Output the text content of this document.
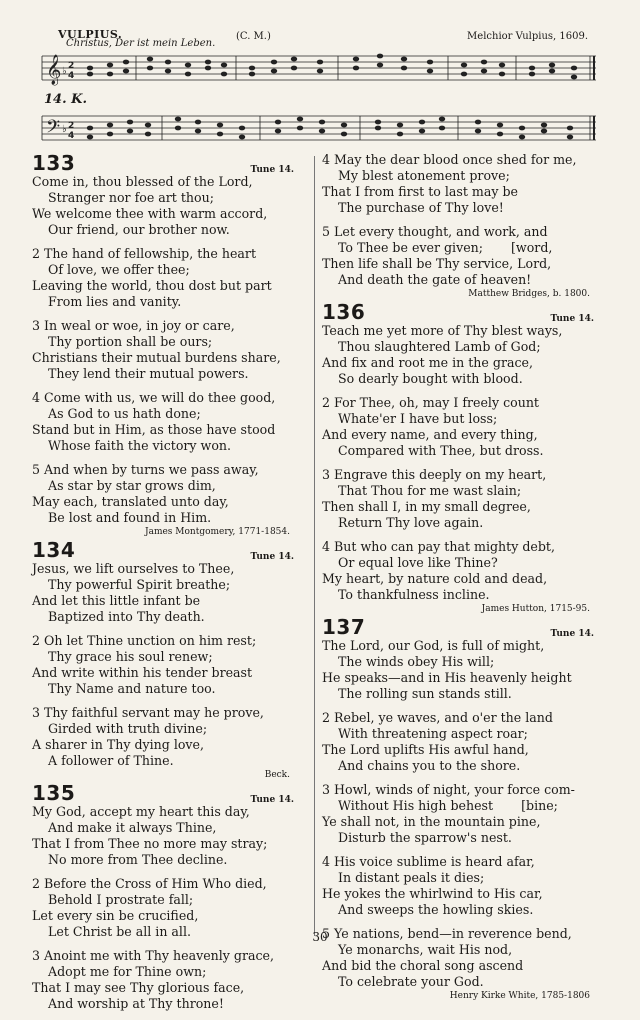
VULPIUS.
Christus, Der ist mein Leben.
(C. M.)	Melchior Vulpius, 1609.
𝄞 ♭ 2
4
𝄢 ♭ 2
4
14. K.
133	Tune 14.
Come in, thou blessed of the Lord,
Stranger nor foe art thou;
We welcome thee with warm accord,
Our friend, our brother now.
2 The hand of fellowship, the heart
Of love, we offer thee;
Leaving the world, thou dost but part
From lies and vanity.
3 In weal or woe, in joy or care,
Thy portion shall be ours;
Christians their mutual burdens share,
They lend their mutual powers.
4 Come with us, we will do thee good,
As God to us hath done;
Stand but in Him, as those have stood
Whose faith the victory won.
5 And when by turns we pass away,
As star by star grows dim,
May each, translated unto day,
Be lost and found in Him.
James Montgomery, 1771-1854.
134	Tune 14.
Jesus, we lift ourselves to Thee,
Thy powerful Spirit breathe;
And let this little infant be
Baptized into Thy death.
2 Oh let Thine unction on him rest;
Thy grace his soul renew;
And write within his tender breast
Thy Name and nature too.
3 Thy faithful servant may he prove,
Girded with truth divine;
A sharer in Thy dying love,
A follower of Thine.
Beck.
135	Tune 14.
My God, accept my heart this day,
And make it always Thine,
That I from Thee no more may stray;
No more from Thee decline.
2 Before the Cross of Him Who died,
Behold I prostrate fall;
Let every sin be crucified,
Let Christ be all in all.
3 Anoint me with Thy heavenly grace,
Adopt me for Thine own;
That I may see Thy glorious face,
And worship at Thy throne!
4 May the dear blood once shed for me,
My blest atonement prove;
That I from first to last may be
The purchase of Thy love!
5 Let every thought, and work, and
To Thee be ever given;       [word,
Then life shall be Thy service, Lord,
And death the gate of heaven!
Matthew Bridges, b. 1800.
136	Tune 14.
Teach me yet more of Thy blest ways,
Thou slaughtered Lamb of God;
And fix and root me in the grace,
So dearly bought with blood.
2 For Thee, oh, may I freely count
Whate'er I have but loss;
And every name, and every thing,
Compared with Thee, but dross.
3 Engrave this deeply on my heart,
That Thou for me wast slain;
Then shall I, in my small degree,
Return Thy love again.
4 But who can pay that mighty debt,
Or equal love like Thine?
My heart, by nature cold and dead,
To thankfulness incline.
James Hutton, 1715-95.
137	Tune 14.
The Lord, our God, is full of might,
The winds obey His will;
He speaks—and in His heavenly height
The rolling sun stands still.
2 Rebel, ye waves, and o'er the land
With threatening aspect roar;
The Lord uplifts His awful hand,
And chains you to the shore.
3 Howl, winds of night, your force com-
Without His high behest       [bine;
Ye shall not, in the mountain pine,
Disturb the sparrow's nest.
4 His voice sublime is heard afar,
In distant peals it dies;
He yokes the whirlwind to His car,
And sweeps the howling skies.
5 Ye nations, bend—in reverence bend,
Ye monarchs, wait His nod,
And bid the choral song ascend
To celebrate your God.
Henry Kirke White, 1785-1806
30
